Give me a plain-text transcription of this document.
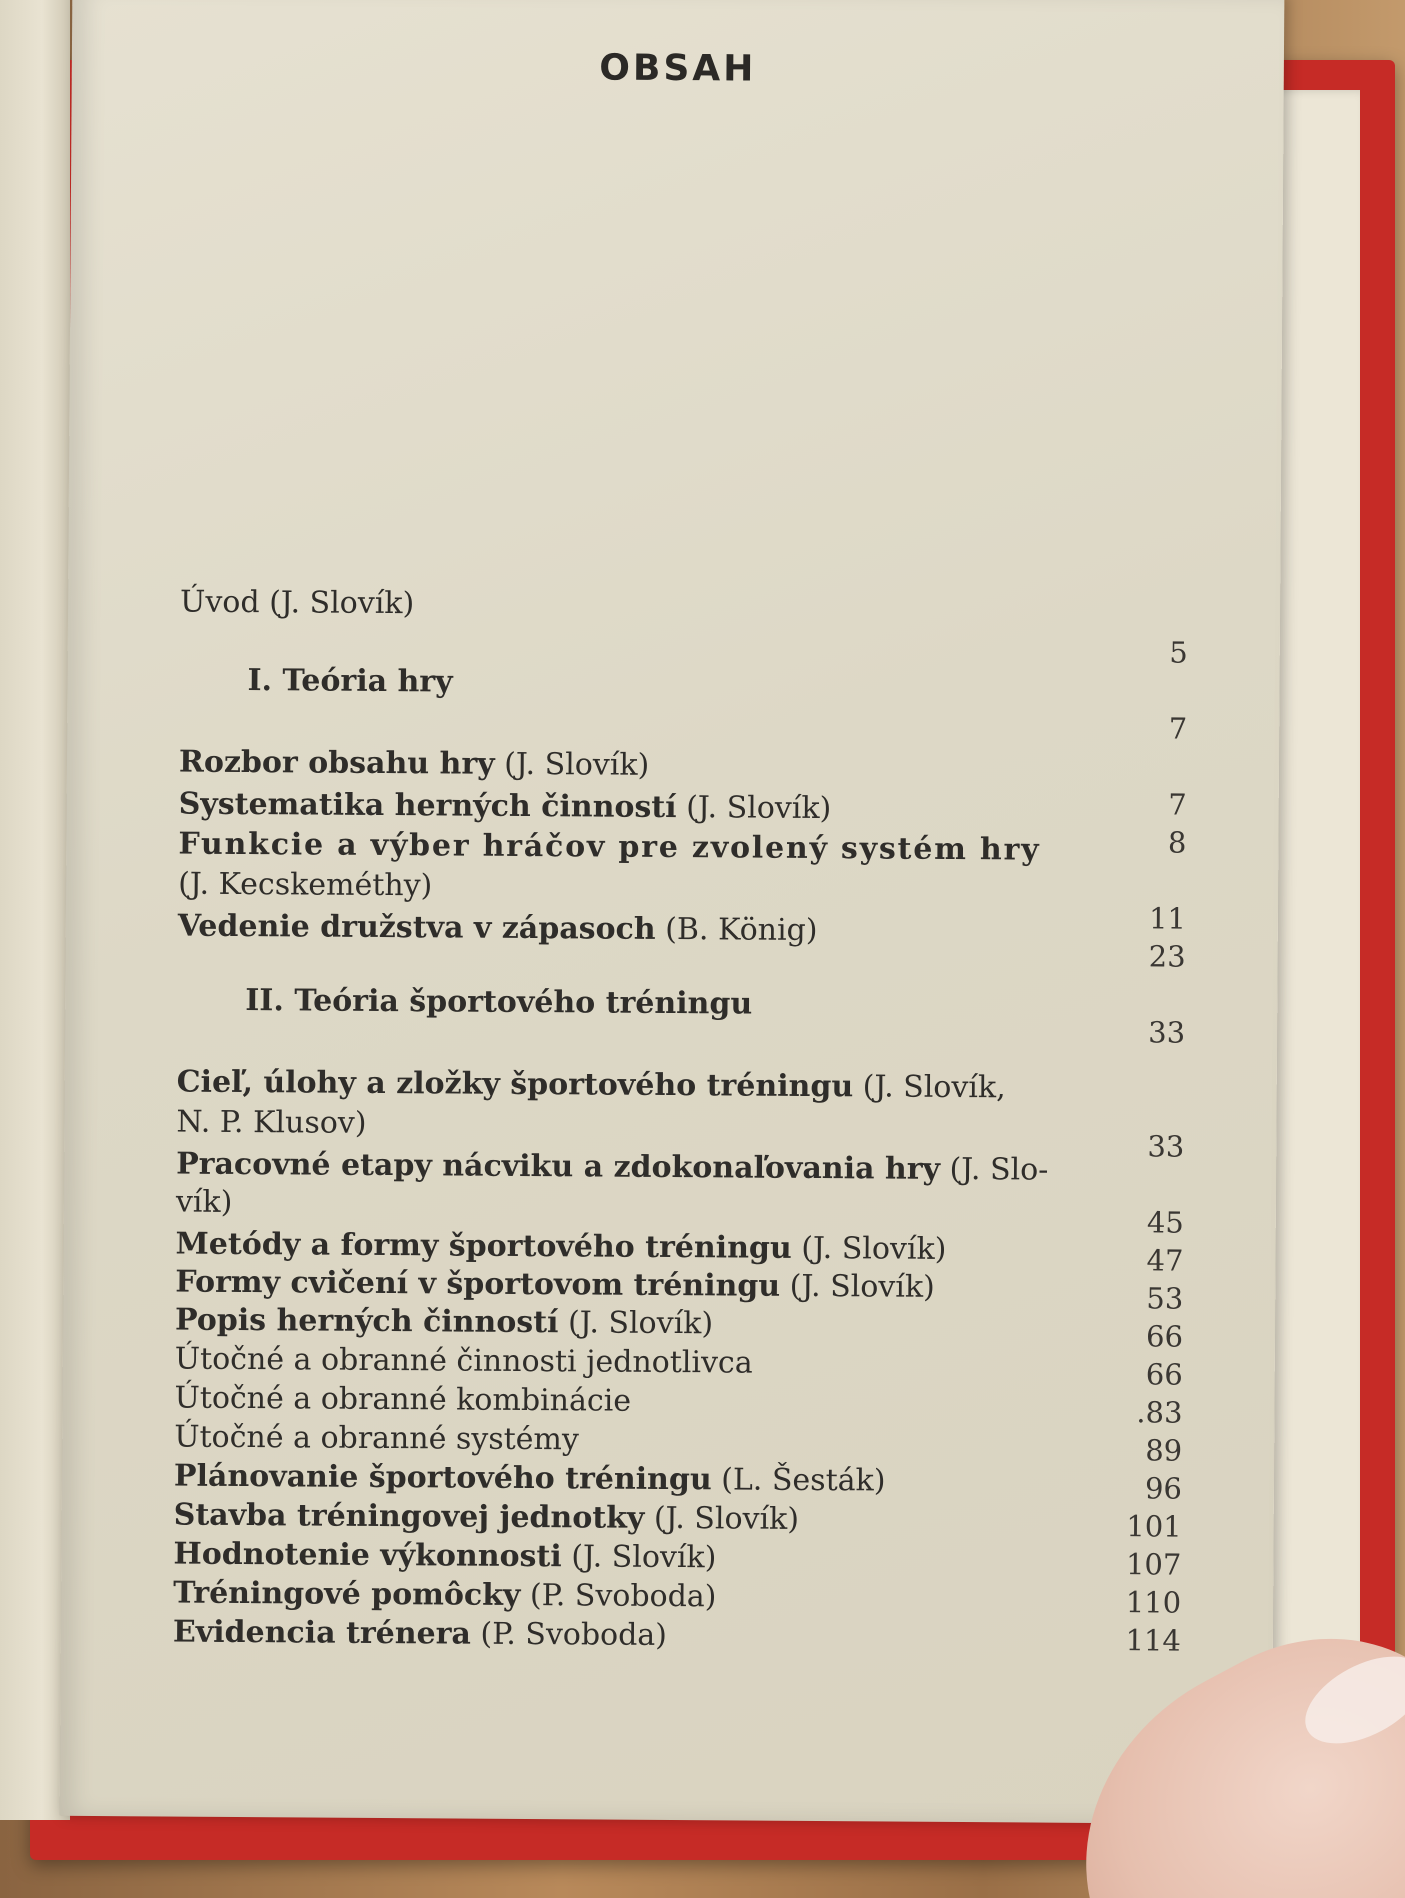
OBSAH
Úvod (J. Slovík)
I. Teória hry
Rozbor obsahu hry (J. Slovík)
Systematika herných činností (J. Slovík)
Funkcie a výber hráčov pre zvolený systém hry
(J. Kecskeméthy)
Vedenie družstva v zápasoch (B. König)
II. Teória športového tréningu
Cieľ, úlohy a zložky športového tréningu (J. Slovík,
N. P. Klusov)
Pracovné etapy nácviku a zdokonaľovania hry (J. Slo-
vík)
Metódy a formy športového tréningu (J. Slovík)
Formy cvičení v športovom tréningu (J. Slovík)
Popis herných činností (J. Slovík)
Útočné a obranné činnosti jednotlivca
Útočné a obranné kombinácie
Útočné a obranné systémy
Plánovanie športového tréningu (L. Šesták)
Stavba tréningovej jednotky (J. Slovík)
Hodnotenie výkonnosti (J. Slovík)
Tréningové pomôcky (P. Svoboda)
Evidencia trénera (P. Svoboda)
5
7
7
8
11
23
33
33
45
47
53
66
66
.83
89
96
101
107
110
114
